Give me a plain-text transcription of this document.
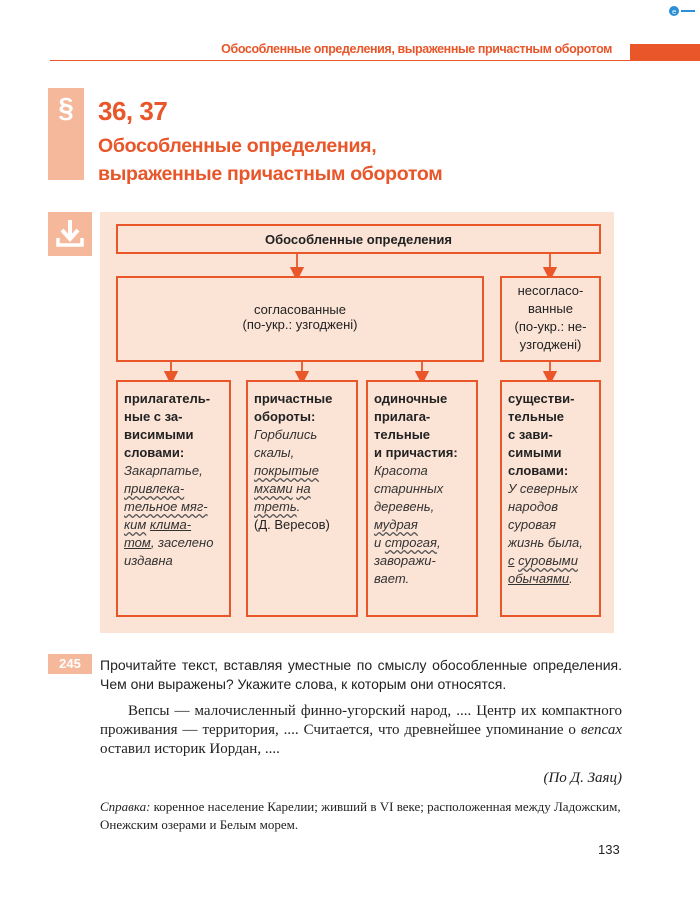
e
Обособленные определения, выраженные причастным оборотом
§ 36, 37
Обособленные определения,
выраженные причастным оборотом
Обособленные определения
согласованные
(по-укр.: узгоджені)
несогласо-
ванные
(по-укр.: не-
узгоджені)
прилагатель-
ные с за-
висимыми
словами:
Закарпатье,
привлека-
тельное мяг-
ким клима-
том, заселено
издавна
причастные
обороты:
Горбились
скалы,
покрытые
мхами на
треть.
(Д. Вересов)
одиночные
прилага-
тельные
и причастия:
Красота
старинных
деревень,
мудрая
и строгая,
заворажи-
вает.
существи-
тельные
с зави-
симыми
словами:
У северных
народов
суровая
жизнь была,
с суровыми
обычаями.
245	Прочитайте текст, вставляя уместные по смыслу обособленные определения. Чем они выражены? Укажите слова, к которым они относятся.
Вепсы — малочисленный финно-угорский народ, .... Центр их компактного проживания — территория, .... Считается, что древнейшее упоминание о вепсах оставил историк Иордан, ....
(По Д. Заяц)
Справка: коренное население Карелии; живший в VI веке; расположенная между Ладожским, Онежским озерами и Белым морем.
133
